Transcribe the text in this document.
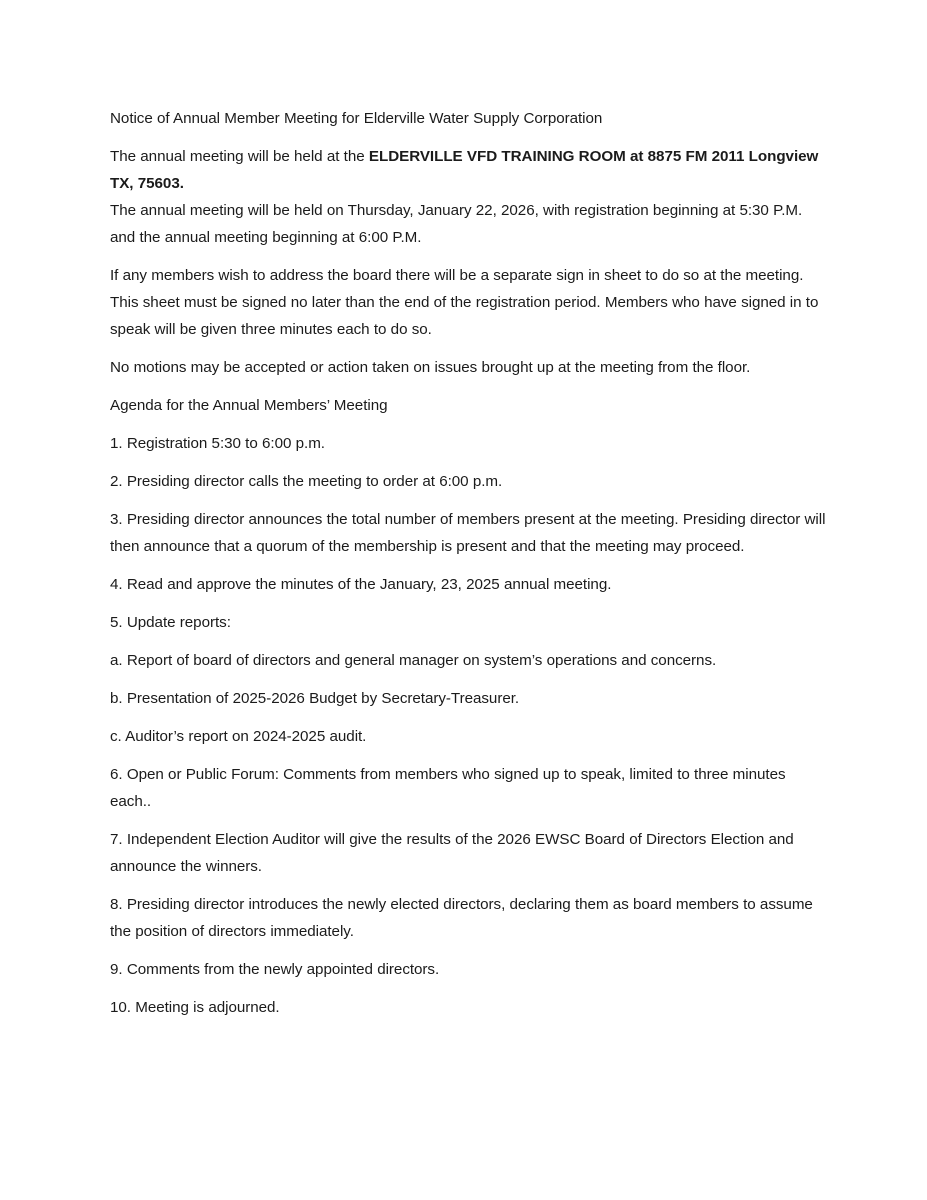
Notice of Annual Member Meeting for Elderville Water Supply Corporation

The annual meeting will be held at the ELDERVILLE VFD TRAINING ROOM at 8875 FM 2011 Longview TX, 75603.

The annual meeting will be held on Thursday, January 22, 2026, with registration beginning at 5:30 P.M. and the annual meeting beginning at 6:00 P.M.

If any members wish to address the board there will be a separate sign in sheet to do so at the meeting. This sheet must be signed no later than the end of the registration period. Members who have signed in to speak will be given three minutes each to do so.

No motions may be accepted or action taken on issues brought up at the meeting from the floor.

Agenda for the Annual Members’ Meeting

1. Registration 5:30 to 6:00 p.m.

2. Presiding director calls the meeting to order at 6:00 p.m.

3. Presiding director announces the total number of members present at the meeting. Presiding director will then announce that a quorum of the membership is present and that the meeting may proceed.

4. Read and approve the minutes of the January, 23, 2025 annual meeting.

5. Update reports:

a. Report of board of directors and general manager on system’s operations and concerns.

b. Presentation of 2025-2026 Budget by Secretary-Treasurer.

c. Auditor’s report on 2024-2025 audit.

6. Open or Public Forum: Comments from members who signed up to speak, limited to three minutes each..

7. Independent Election Auditor will give the results of the 2026 EWSC Board of Directors Election and announce the winners.

8. Presiding director introduces the newly elected directors, declaring them as board members to assume the position of directors immediately.

9. Comments from the newly appointed directors.

10. Meeting is adjourned.
